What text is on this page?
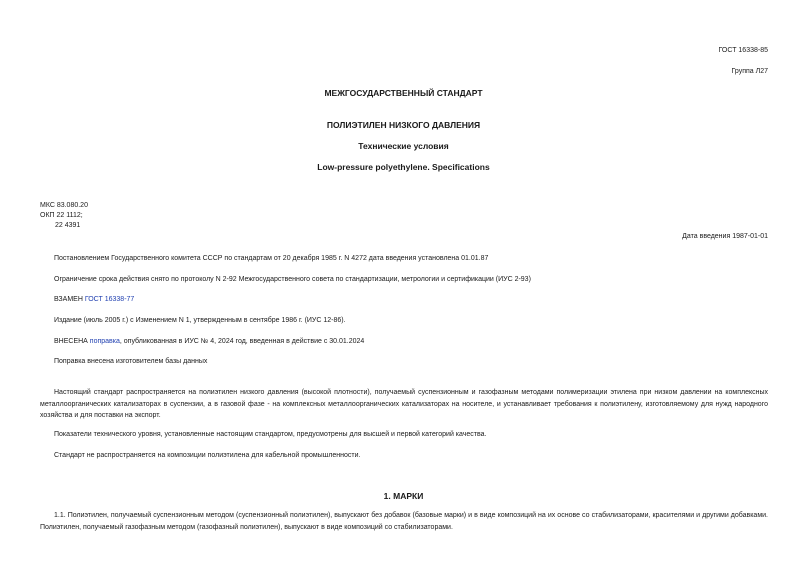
ГОСТ 16338-85
Группа Л27
МЕЖГОСУДАРСТВЕННЫЙ СТАНДАРТ
ПОЛИЭТИЛЕН НИЗКОГО ДАВЛЕНИЯ
Технические условия
Low-pressure polyethylene. Specifications
МКС 83.080.20
ОКП 22 1112;
22 4391
Дата введения 1987-01-01
Постановлением Государственного комитета СССР по стандартам от 20 декабря 1985 г. N 4272 дата введения установлена 01.01.87
Ограничение срока действия снято по протоколу N 2-92 Межгосударственного совета по стандартизации, метрологии и сертификации (ИУС 2-93)
ВЗАМЕН ГОСТ 16338-77
Издание (июль 2005 г.) с Изменением N 1, утвержденным в сентябре 1986 г. (ИУС 12-86).
ВНЕСЕНА поправка, опубликованная в ИУС № 4, 2024 год, введенная в действие с 30.01.2024
Поправка внесена изготовителем базы данных
Настоящий стандарт распространяется на полиэтилен низкого давления (высокой плотности), получаемый суспензионным и газофазным методами полимеризации этилена при низком давлении на комплексных металлоорганических катализаторах в суспензии, а в газовой фазе - на комплексных металлоорганических катализаторах на носителе, и устанавливает требования к полиэтилену, изготовляемому для нужд народного хозяйства и для поставки на экспорт.
Показатели технического уровня, установленные настоящим стандартом, предусмотрены для высшей и первой категорий качества.
Стандарт не распространяется на композиции полиэтилена для кабельной промышленности.
1. МАРКИ
1.1. Полиэтилен, получаемый суспензионным методом (суспензионный полиэтилен), выпускают без добавок (базовые марки) и в виде композиций на их основе со стабилизаторами, красителями и другими добавками. Полиэтилен, получаемый газофазным методом (газофазный полиэтилен), выпускают в виде композиций со стабилизаторами.
